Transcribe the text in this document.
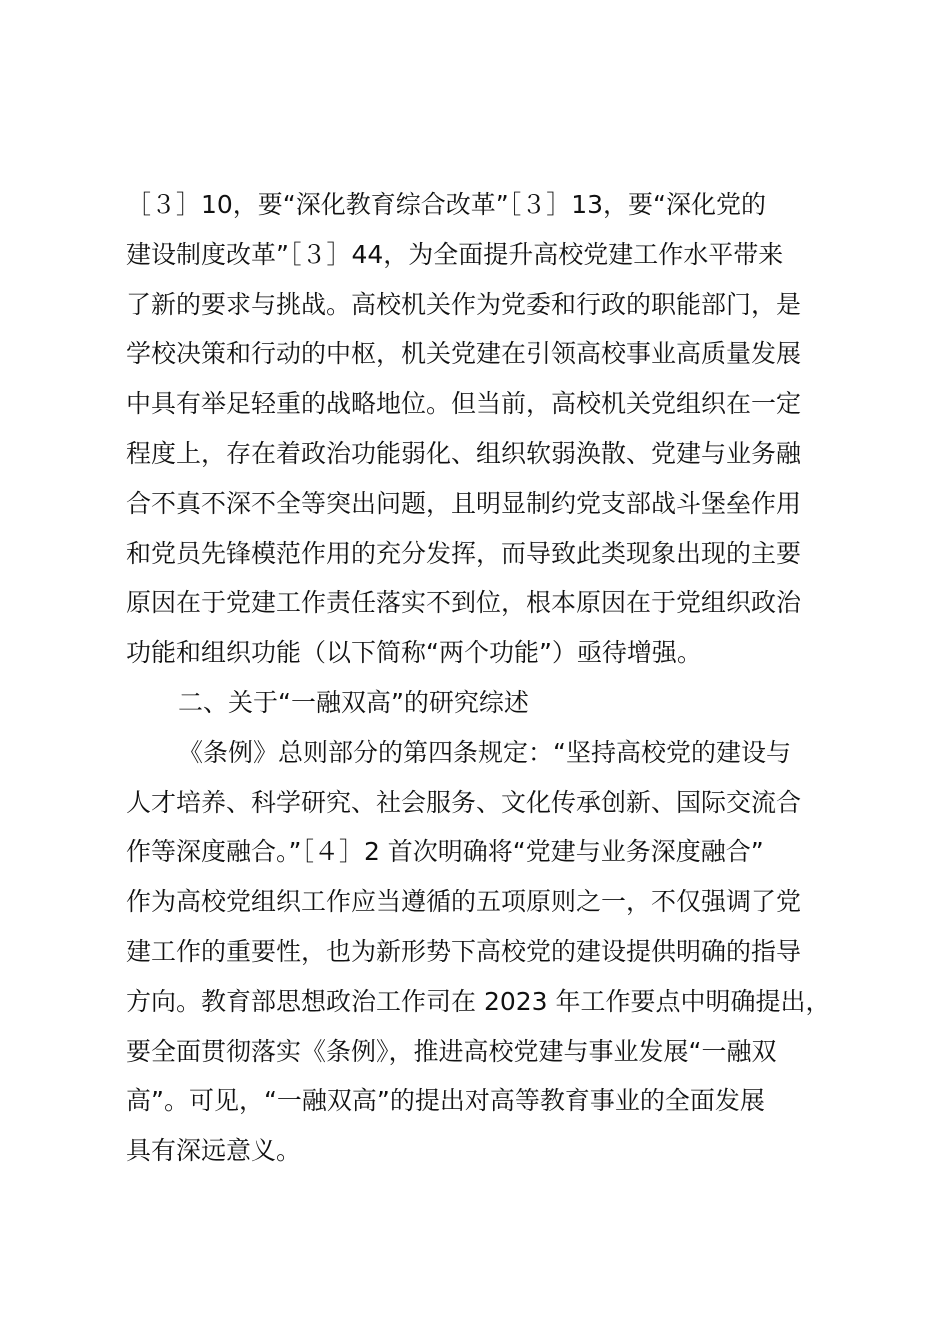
［３］10，要“深化教育综合改革”［３］13，要“深化党的
建设制度改革”［３］44，为全面提升高校党建工作水平带来
了新的要求与挑战。高校机关作为党委和行政的职能部门，是
学校决策和行动的中枢，机关党建在引领高校事业高质量发展
中具有举足轻重的战略地位。但当前，高校机关党组织在一定
程度上，存在着政治功能弱化、组织软弱涣散、党建与业务融
合不真不深不全等突出问题，且明显制约党支部战斗堡垒作用
和党员先锋模范作用的充分发挥，而导致此类现象出现的主要
原因在于党建工作责任落实不到位，根本原因在于党组织政治
功能和组织功能（以下简称“两个功能”）亟待增强。
二、关于“一融双高”的研究综述
《条例》总则部分的第四条规定：“坚持高校党的建设与
人才培养、科学研究、社会服务、文化传承创新、国际交流合
作等深度融合。”［４］2 首次明确将“党建与业务深度融合”
作为高校党组织工作应当遵循的五项原则之一，不仅强调了党
建工作的重要性，也为新形势下高校党的建设提供明确的指导
方向。教育部思想政治工作司在 2023 年工作要点中明确提出，
要全面贯彻落实《条例》，推进高校党建与事业发展“一融双
高”。可见，“一融双高”的提出对高等教育事业的全面发展
具有深远意义。
